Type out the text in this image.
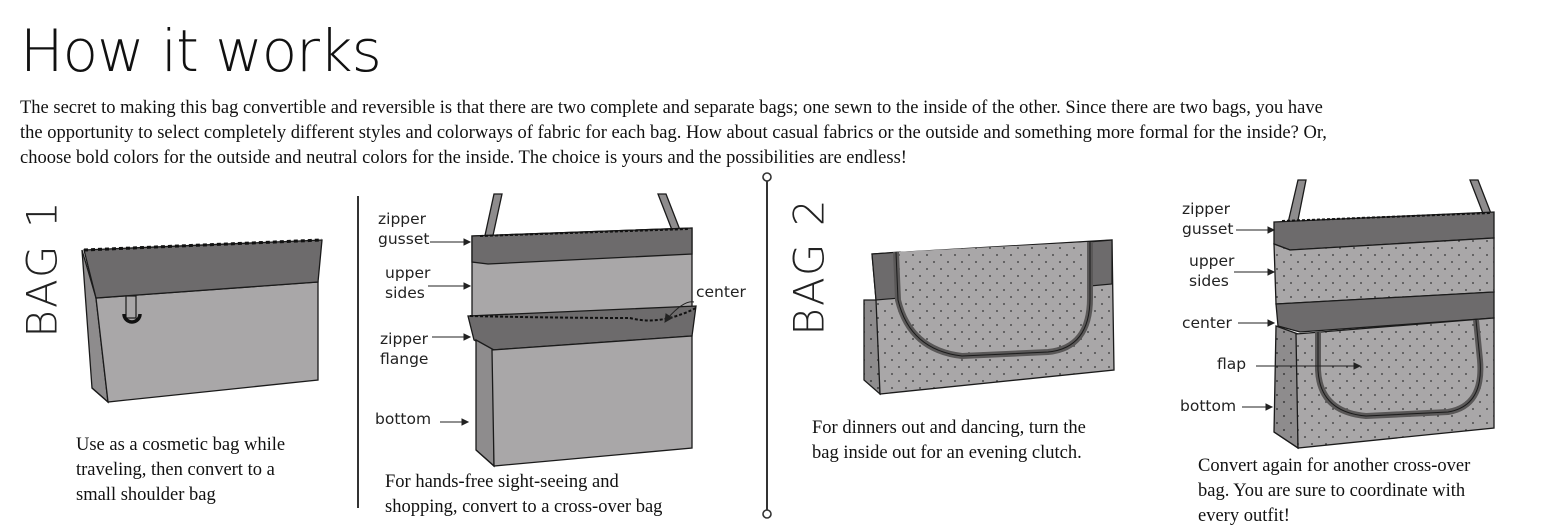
How it works
The secret to making this bag convertible and reversible is that there are two complete and separate bags; one sewn to the inside of the other. Since there are two bags, you have
the opportunity to select completely different styles and colorways of fabric for each bag. How about casual fabrics or the outside and something more formal for the inside? Or,
choose bold colors for the outside and neutral colors for the inside. The choice is yours and the possibilities are endless!
BAG 1	BAG 2
zipper
gusset
upper
sides	center
zipper
flange
bottom
zipper
gusset
upper
sides
center
flap
bottom
Use as a cosmetic bag while
traveling, then convert to a
small shoulder bag
For hands-free sight-seeing and
shopping, convert to a cross-over bag
For dinners out and dancing, turn the
bag inside out for an evening clutch.
Convert again for another cross-over
bag. You are sure to coordinate with
every outfit!
